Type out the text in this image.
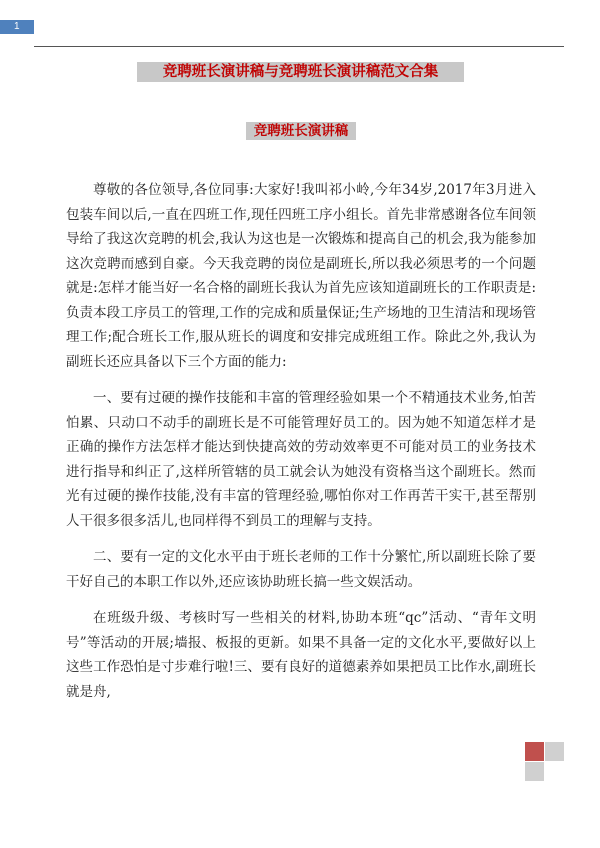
1
竞聘班长演讲稿与竞聘班长演讲稿范文合集
竞聘班长演讲稿

尊敬的各位领导,各位同事:大家好!我叫祁小岭,今年34岁,2017年3月进入包装车间以后,一直在四班工作,现任四班工序小组长。首先非常感谢各位车间领导给了我这次竞聘的机会,我认为这也是一次锻炼和提高自己的机会,我为能参加这次竞聘而感到自豪。今天我竞聘的岗位是副班长,所以我必须思考的一个问题就是:怎样才能当好一名合格的副班长我认为首先应该知道副班长的工作职责是:负责本段工序员工的管理,工作的完成和质量保证;生产场地的卫生清洁和现场管理工作;配合班长工作,服从班长的调度和安排完成班组工作。除此之外,我认为副班长还应具备以下三个方面的能力:

一、要有过硬的操作技能和丰富的管理经验如果一个不精通技术业务,怕苦怕累、只动口不动手的副班长是不可能管理好员工的。因为她不知道怎样才是正确的操作方法怎样才能达到快捷高效的劳动效率更不可能对员工的业务技术进行指导和纠正了,这样所管辖的员工就会认为她没有资格当这个副班长。然而光有过硬的操作技能,没有丰富的管理经验,哪怕你对工作再苦干实干,甚至帮别人干很多很多活儿,也同样得不到员工的理解与支持。

二、要有一定的文化水平由于班长老师的工作十分繁忙,所以副班长除了要干好自己的本职工作以外,还应该协助班长搞一些文娱活动。

在班级升级、考核时写一些相关的材料,协助本班“qc”活动、“青年文明号”等活动的开展;墙报、板报的更新。如果不具备一定的文化水平,要做好以上这些工作恐怕是寸步难行啦!三、要有良好的道德素养如果把员工比作水,副班长就是舟,
